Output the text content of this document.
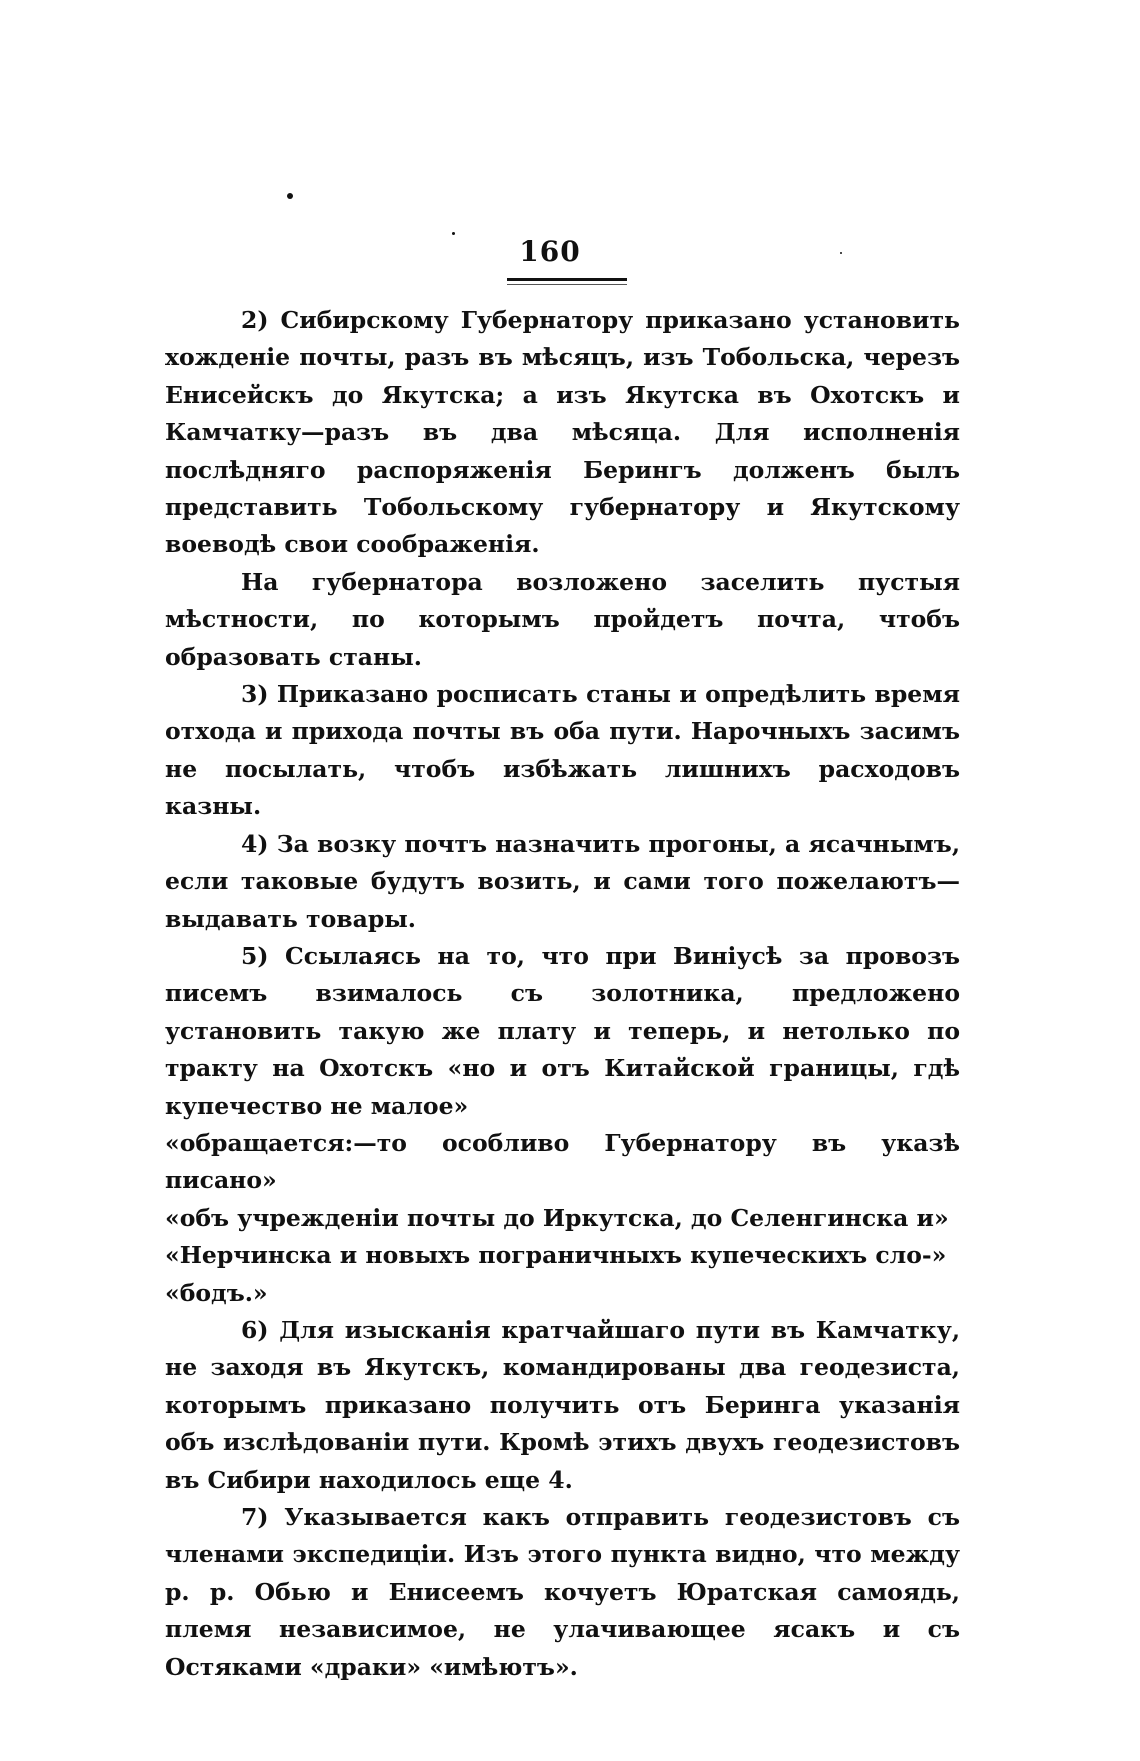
160

2) Сибирскому Губернатору приказано установить хожденіе почты, разъ въ мѣсяцъ, изъ Тобольска, черезъ Енисейскъ до Якутска; а изъ Якутска въ Охотскъ и Камчатку—разъ въ два мѣсяца. Для исполненія послѣдняго распоряженія Берингъ долженъ былъ представить Тобольскому губернатору и Якутскому воеводѣ свои соображенія.

На губернатора возложено заселить пустыя мѣстности, по которымъ пройдетъ почта, чтобъ образовать станы.

3) Приказано росписать станы и опредѣлить время отхода и прихода почты въ оба пути. Нарочныхъ засимъ не посылать, чтобъ избѣжать лишнихъ расходовъ казны.

4) За возку почтъ назначить прогоны, а ясачнымъ, если таковые будутъ возить, и сами того пожелаютъ—выдавать товары.

5) Ссылаясь на то, что при Виніусѣ за провозъ писемъ взималось съ золотника, предложено установить такую же плату и теперь, и нетолько по тракту на Охотскъ «но и отъ Китайской границы, гдѣ купечество не малое»

«обращается:—то особливо Губернатору въ указѣ писано»

«объ учрежденіи почты до Иркутска, до Селенгинска и»

«Нерчинска и новыхъ пограничныхъ купеческихъ сло-»

«бодъ.»

6) Для изысканія кратчайшаго пути въ Камчатку, не заходя въ Якутскъ, командированы два геодезиста, которымъ приказано получить отъ Беринга указанія объ изслѣдованіи пути. Кромѣ этихъ двухъ геодезистовъ въ Сибири находилось еще 4.

7) Указывается какъ отправить геодезистовъ съ членами экспедиціи. Изъ этого пункта видно, что между р. р. Обью и Енисеемъ кочуетъ Юратская самоядь, племя независимое, не улачивающее ясакъ и съ Остяками «драки» «имѣютъ».
